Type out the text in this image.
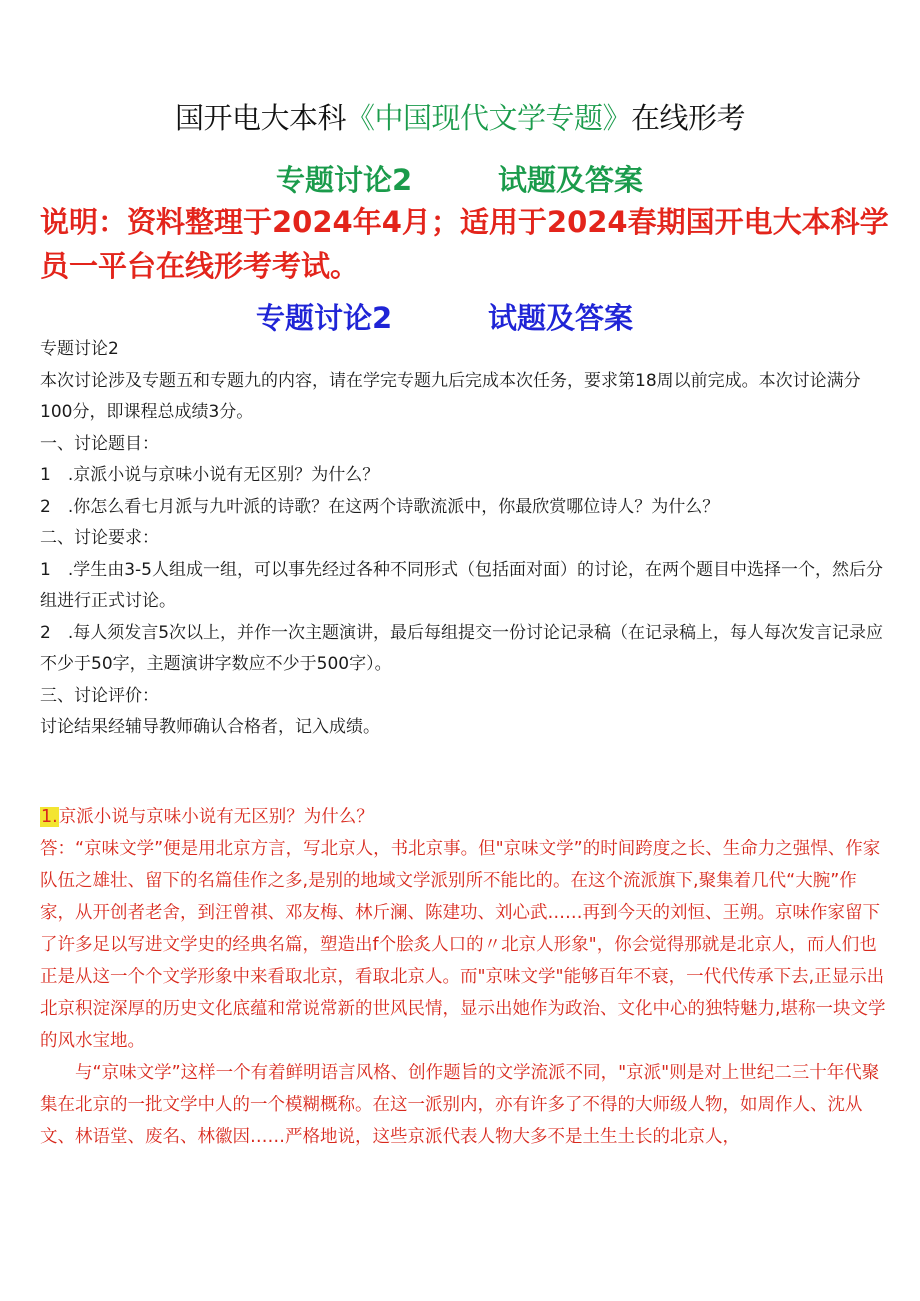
国开电大本科《中国现代文学专题》在线形考
专题讨论2	试题及答案
说明：资料整理于2024年4月；适用于2024春期国开电大本科学员一平台在线形考考试。
专题讨论2	试题及答案

专题讨论2

本次讨论涉及专题五和专题九的内容，请在学完专题九后完成本次任务，要求第18周以前完成。本次讨论满分100分，即课程总成绩3分。

一、讨论题目：

1　.京派小说与京味小说有无区别？为什么？

2　.你怎么看七月派与九叶派的诗歌？在这两个诗歌流派中，你最欣赏哪位诗人？为什么？

二、讨论要求：

1　.学生由3-5人组成一组，可以事先经过各种不同形式（包括面对面）的讨论，在两个题目中选择一个，然后分组进行正式讨论。

2　.每人须发言5次以上，并作一次主题演讲，最后每组提交一份讨论记录稿（在记录稿上，每人每次发言记录应不少于50字，主题演讲字数应不少于500字）。

三、讨论评价：

讨论结果经辅导教师确认合格者，记入成绩。

1.京派小说与京味小说有无区别？为什么？

答：“京味文学”便是用北京方言，写北京人，书北京事。但"京味文学”的时间跨度之长、生命力之强悍、作家队伍之雄壮、留下的名篇佳作之多,是别的地域文学派别所不能比的。在这个流派旗下,聚集着几代“大腕”作家，从开创者老舍，到汪曾祺、邓友梅、林斤澜、陈建功、刘心武……再到今天的刘恒、王朔。京味作家留下了许多足以写进文学史的经典名篇，塑造出f个脍炙人口的〃北京人形象"，你会觉得那就是北京人，而人们也正是从这一个个文学形象中来看取北京，看取北京人。而"京味文学"能够百年不衰，一代代传承下去,正显示出北京积淀深厚的历史文化底蕴和常说常新的世风民情，显示出她作为政治、文化中心的独特魅力,堪称一块文学的风水宝地。

与“京味文学”这样一个有着鲜明语言风格、创作题旨的文学流派不同，"京派"则是对上世纪二三十年代聚集在北京的一批文学中人的一个模糊概称。在这一派别内，亦有许多了不得的大师级人物，如周作人、沈从文、林语堂、废名、林徽因……严格地说，这些京派代表人物大多不是土生土长的北京人，
